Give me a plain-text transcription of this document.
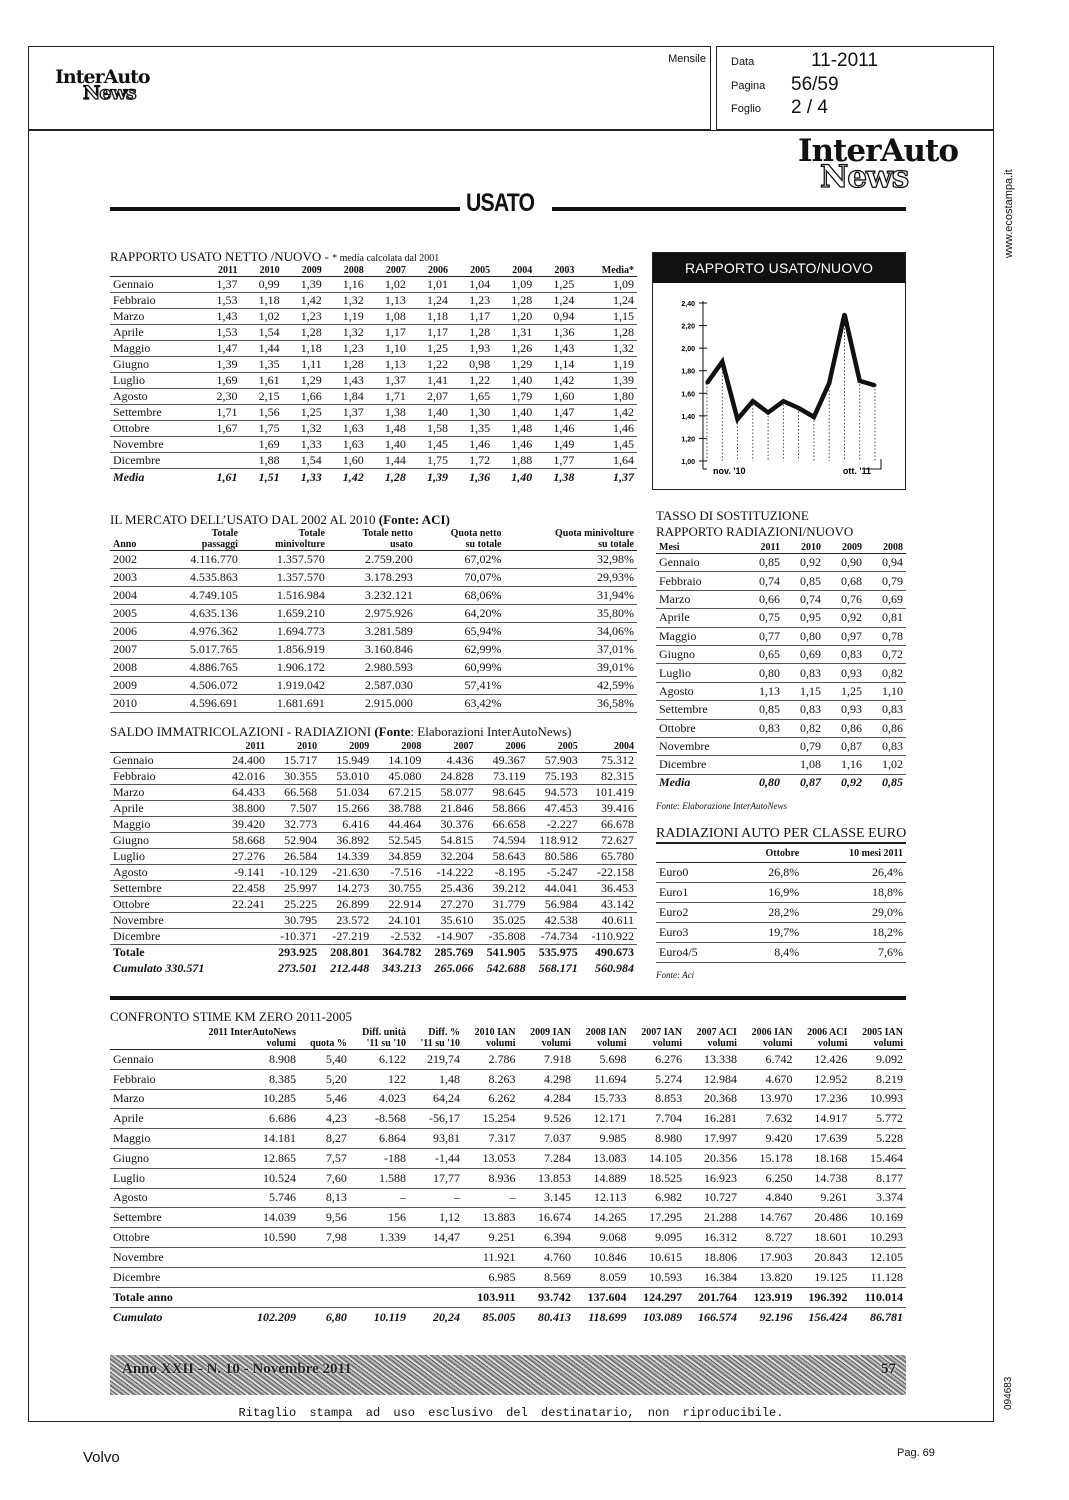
InterAuto
News
Mensile Data	11-2011
Pagina 56/59
Foglio 2 / 4
www.ecostampa.it
094683
InterAuto
News
USATO
RAPPORTO USATO NETTO /NUOVO - * media calcolata dal 2001
	2011	2010	2009	2008	2007	2006	2005	2004	2003	Media*
Gennaio	1,37	0,99	1,39	1,16	1,02	1,01	1,04	1,09	1,25	1,09
Febbraio	1,53	1,18	1,42	1,32	1,13	1,24	1,23	1,28	1,24	1,24
Marzo	1,43	1,02	1,23	1,19	1,08	1,18	1,17	1,20	0,94	1,15
Aprile	1,53	1,54	1,28	1,32	1,17	1,17	1,28	1,31	1,36	1,28
Maggio	1,47	1,44	1,18	1,23	1,10	1,25	1,93	1,26	1,43	1,32
Giugno	1,39	1,35	1,11	1,28	1,13	1,22	0,98	1,29	1,14	1,19
Luglio	1,69	1,61	1,29	1,43	1,37	1,41	1,22	1,40	1,42	1,39
Agosto	2,30	2,15	1,66	1,84	1,71	2,07	1,65	1,79	1,60	1,80
Settembre	1,71	1,56	1,25	1,37	1,38	1,40	1,30	1,40	1,47	1,42
Ottobre	1,67	1,75	1,32	1,63	1,48	1,58	1,35	1,48	1,46	1,46
Novembre		1,69	1,33	1,63	1,40	1,45	1,46	1,46	1,49	1,45
Dicembre		1,88	1,54	1,60	1,44	1,75	1,72	1,88	1,77	1,64
Media	1,61	1,51	1,33	1,42	1,28	1,39	1,36	1,40	1,38	1,37
RAPPORTO USATO/NUOVO
1,00
1,20
1,40
1,60
1,80
2,00
2,20
2,40
nov. '10	ott. '11
IL MERCATO DELL’USATO DAL 2002 AL 2010 (Fonte: ACI)
	Totale	Totale	Totale netto	Quota netto	Quota minivolture
Anno	passaggi	minivolture	usato	su totale	su totale
2002	4.116.770	1.357.570	2.759.200	67,02%	32,98%
2003	4.535.863	1.357.570	3.178.293	70,07%	29,93%
2004	4.749.105	1.516.984	3.232.121	68,06%	31,94%
2005	4.635.136	1.659.210	2.975.926	64,20%	35,80%
2006	4.976.362	1.694.773	3.281.589	65,94%	34,06%
2007	5.017.765	1.856.919	3.160.846	62,99%	37,01%
2008	4.886.765	1.906.172	2.980.593	60,99%	39,01%
2009	4.506.072	1.919.042	2.587.030	57,41%	42,59%
2010	4.596.691	1.681.691	2.915.000	63,42%	36,58%
SALDO IMMATRICOLAZIONI - RADIAZIONI (Fonte: Elaborazioni InterAutoNews)
	2011	2010	2009	2008	2007	2006	2005	2004
Gennaio	24.400	15.717	15.949	14.109	4.436	49.367	57.903	75.312
Febbraio	42.016	30.355	53.010	45.080	24.828	73.119	75.193	82.315
Marzo	64.433	66.568	51.034	67.215	58.077	98.645	94.573	101.419
Aprile	38.800	7.507	15.266	38.788	21.846	58.866	47.453	39.416
Maggio	39.420	32.773	6.416	44.464	30.376	66.658	-2.227	66.678
Giugno	58.668	52.904	36.892	52.545	54.815	74.594	118.912	72.627
Luglio	27.276	26.584	14.339	34.859	32.204	58.643	80.586	65.780
Agosto	-9.141	-10.129	-21.630	-7.516	-14.222	-8.195	-5.247	-22.158
Settembre	22.458	25.997	14.273	30.755	25.436	39.212	44.041	36.453
Ottobre	22.241	25.225	26.899	22.914	27.270	31.779	56.984	43.142
Novembre		30.795	23.572	24.101	35.610	35.025	42.538	40.611
Dicembre		-10.371	-27.219	-2.532	-14.907	-35.808	-74.734	-110.922
Totale		293.925	208.801	364.782	285.769	541.905	535.975	490.673
Cumulato 330.571		273.501	212.448	343.213	265.066	542.688	568.171	560.984
TASSO DI SOSTITUZIONE
RAPPORTO RADIAZIONI/NUOVO
Mesi	2011	2010	2009	2008
Gennaio	0,85	0,92	0,90	0,94
Febbraio	0,74	0,85	0,68	0,79
Marzo	0,66	0,74	0,76	0,69
Aprile	0,75	0,95	0,92	0,81
Maggio	0,77	0,80	0,97	0,78
Giugno	0,65	0,69	0,83	0,72
Luglio	0,80	0,83	0,93	0,82
Agosto	1,13	1,15	1,25	1,10
Settembre	0,85	0,83	0,93	0,83
Ottobre	0,83	0,82	0,86	0,86
Novembre		0,79	0,87	0,83
Dicembre		1,08	1,16	1,02
Media	0,80	0,87	0,92	0,85
Fonte: Elaborazione InterAutoNews
RADIAZIONI AUTO PER CLASSE EURO
	Ottobre	10 mesi 2011
Euro0	26,8%	26,4%
Euro1	16,9%	18,8%
Euro2	28,2%	29,0%
Euro3	19,7%	18,2%
Euro4/5	8,4%	7,6%
Fonte: Aci
CONFRONTO STIME KM ZERO 2011-2005
	2011 InterAutoNews		Diff. unità	Diff. %	2010 IAN	2009 IAN	2008 IAN	2007 IAN	2007 ACI	2006 IAN	2006 ACI	2005 IAN
	volumi	quota %	'11 su '10	'11 su '10	volumi	volumi	volumi	volumi	volumi	volumi	volumi	volumi
Gennaio	8.908	5,40	6.122	219,74	2.786	7.918	5.698	6.276	13.338	6.742	12.426	9.092
Febbraio	8.385	5,20	122	1,48	8.263	4.298	11.694	5.274	12.984	4.670	12.952	8.219
Marzo	10.285	5,46	4.023	64,24	6.262	4.284	15.733	8.853	20.368	13.970	17.236	10.993
Aprile	6.686	4,23	-8.568	-56,17	15.254	9.526	12.171	7.704	16.281	7.632	14.917	5.772
Maggio	14.181	8,27	6.864	93,81	7.317	7.037	9.985	8.980	17.997	9.420	17.639	5.228
Giugno	12.865	7,57	-188	-1,44	13.053	7.284	13.083	14.105	20.356	15.178	18.168	15.464
Luglio	10.524	7,60	1.588	17,77	8.936	13.853	14.889	18.525	16.923	6.250	14.738	8.177
Agosto	5.746	8,13	–	–	–	3.145	12.113	6.982	10.727	4.840	9.261	3.374
Settembre	14.039	9,56	156	1,12	13.883	16.674	14.265	17.295	21.288	14.767	20.486	10.169
Ottobre	10.590	7,98	1.339	14,47	9.251	6.394	9.068	9.095	16.312	8.727	18.601	10.293
Novembre					11.921	4.760	10.846	10.615	18.806	17.903	20.843	12.105
Dicembre					6.985	8.569	8.059	10.593	16.384	13.820	19.125	11.128
Totale anno					103.911	93.742	137.604	124.297	201.764	123.919	196.392	110.014
Cumulato	102.209	6,80	10.119	20,24	85.005	80.413	118.699	103.089	166.574	92.196	156.424	86.781
Anno XXII - N. 10 - Novembre 2011	57
Ritaglio stampa ad uso esclusivo del destinatario, non riproducibile.
Volvo	Pag. 69
